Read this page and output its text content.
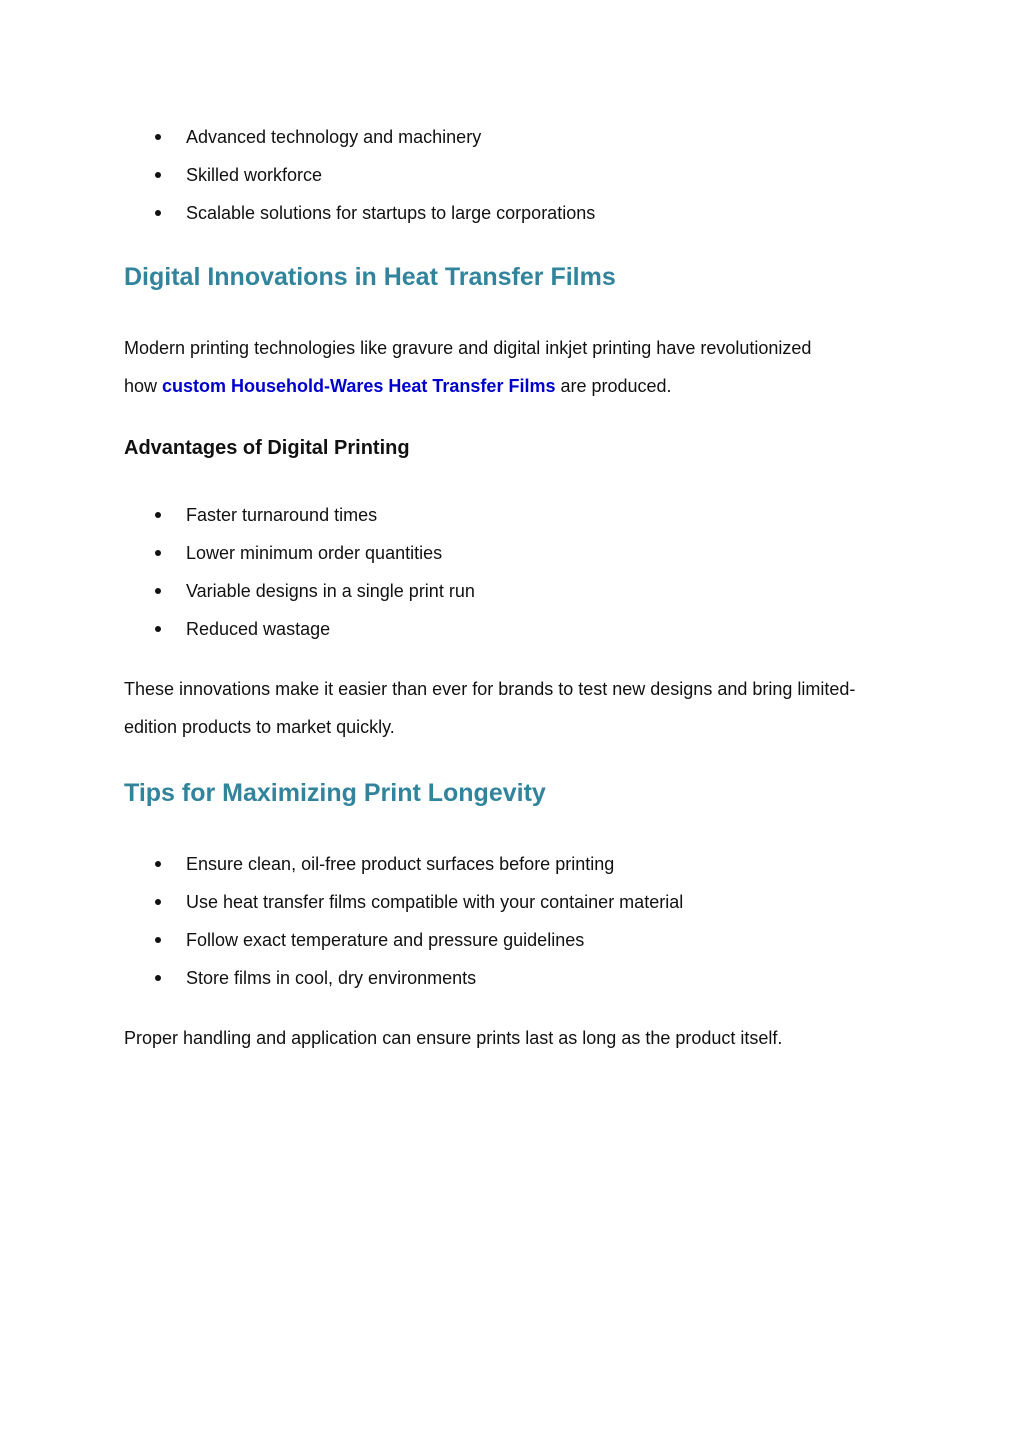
Advanced technology and machinery
Skilled workforce
Scalable solutions for startups to large corporations
Digital Innovations in Heat Transfer Films
Modern printing technologies like gravure and digital inkjet printing have revolutionized
how custom Household-Wares Heat Transfer Films are produced.
Advantages of Digital Printing
Faster turnaround times
Lower minimum order quantities
Variable designs in a single print run
Reduced wastage
These innovations make it easier than ever for brands to test new designs and bring limited-
edition products to market quickly.
Tips for Maximizing Print Longevity
Ensure clean, oil-free product surfaces before printing
Use heat transfer films compatible with your container material
Follow exact temperature and pressure guidelines
Store films in cool, dry environments
Proper handling and application can ensure prints last as long as the product itself.
